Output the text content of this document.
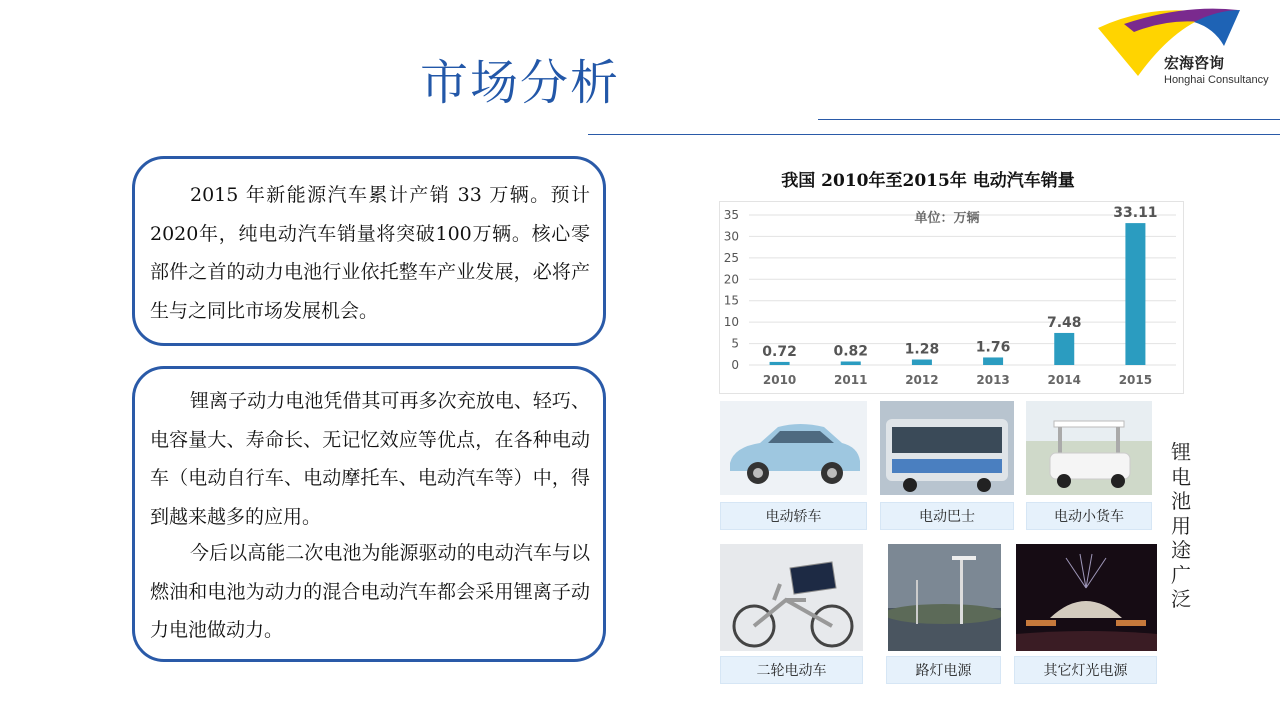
市场分析	宏海咨询
Honghai Consultancy
2015 年新能源汽车累计产销 33 万辆。预计2020年，纯电动汽车销量将突破100万辆。核心零部件之首的动力电池行业依托整车产业发展，必将产生与之同比市场发展机会。
锂离子动力电池凭借其可再多次充放电、轻巧、电容量大、寿命长、无记忆效应等优点，在各种电动车（电动自行车、电动摩托车、电动汽车等）中，得到越来越多的应用。
今后以高能二次电池为能源驱动的电动汽车与以燃油和电池为动力的混合电动汽车都会采用锂离子动力电池做动力。
我国 2010年至2015年 电动汽车销量
35
30
25
20
15
10
5
0
0.72	0.82	1.28	1.76
7.48
33.11
2010	2011	2012	2013	2014	2015
单位：万辆
电动轿车	电动巴士	电动小货车
二轮电动车	路灯电源	其它灯光电源
锂
电
池
用
途
广
泛
